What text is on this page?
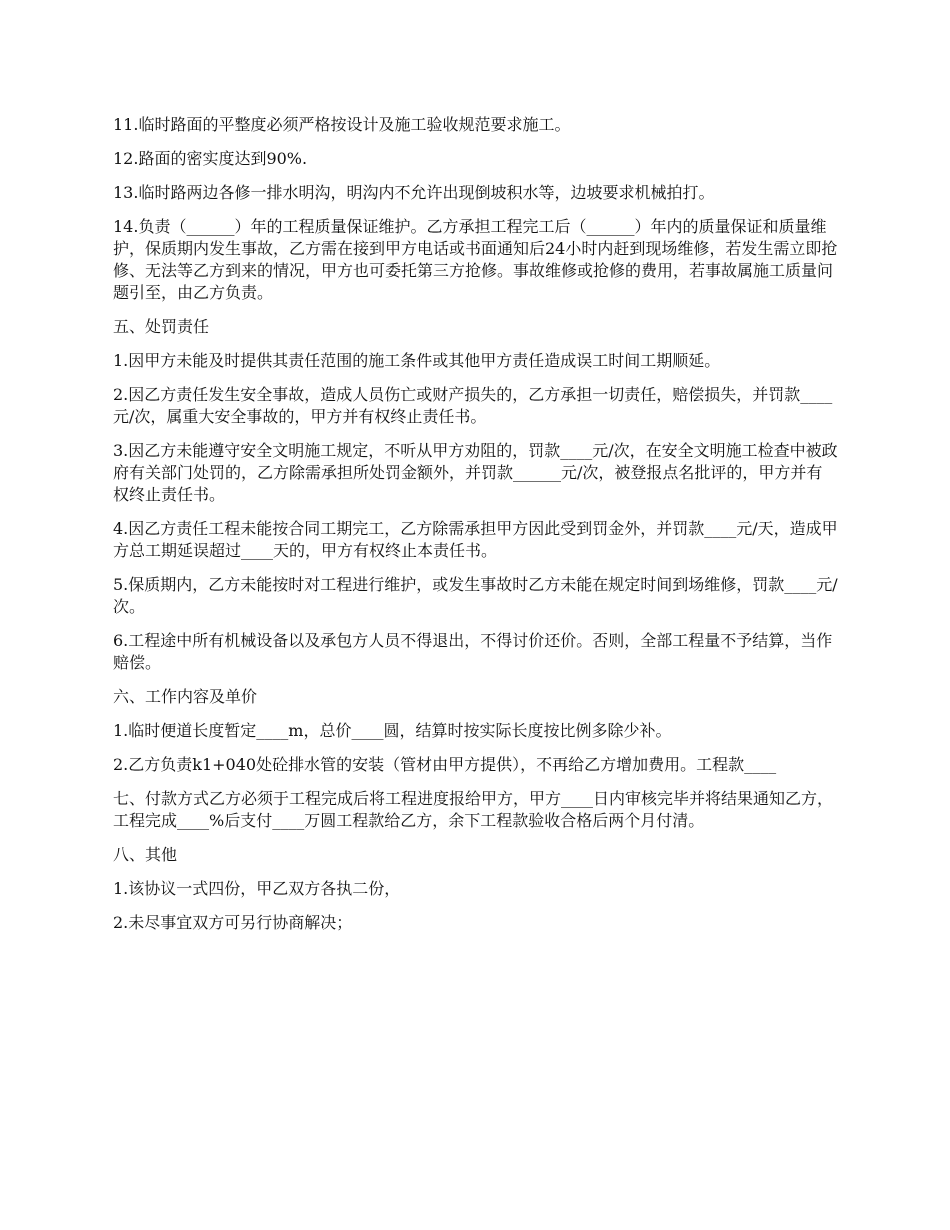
11.临时路面的平整度必须严格按设计及施工验收规范要求施工。

12.路面的密实度达到90%.

13.临时路两边各修一排水明沟，明沟内不允许出现倒坡积水等，边坡要求机械拍打。

14.负责（______）年的工程质量保证维护。乙方承担工程完工后（______）年内的质量保证和质量维护，保质期内发生事故，乙方需在接到甲方电话或书面通知后24小时内赶到现场维修，若发生需立即抢修、无法等乙方到来的情况，甲方也可委托第三方抢修。事故维修或抢修的费用，若事故属施工质量问题引至，由乙方负责。

五、处罚责任

1.因甲方未能及时提供其责任范围的施工条件或其他甲方责任造成误工时间工期顺延。

2.因乙方责任发生安全事故，造成人员伤亡或财产损失的，乙方承担一切责任，赔偿损失，并罚款____元/次，属重大安全事故的，甲方并有权终止责任书。

3.因乙方未能遵守安全文明施工规定，不听从甲方劝阻的，罚款____元/次，在安全文明施工检查中被政府有关部门处罚的，乙方除需承担所处罚金额外，并罚款______元/次，被登报点名批评的，甲方并有权终止责任书。

4.因乙方责任工程未能按合同工期完工，乙方除需承担甲方因此受到罚金外，并罚款____元/天，造成甲方总工期延误超过____天的，甲方有权终止本责任书。

5.保质期内，乙方未能按时对工程进行维护，或发生事故时乙方未能在规定时间到场维修，罚款____元/次。

6.工程途中所有机械设备以及承包方人员不得退出，不得讨价还价。否则，全部工程量不予结算，当作赔偿。

六、工作内容及单价

1.临时便道长度暂定____m，总价____圆，结算时按实际长度按比例多除少补。

2.乙方负责k1+040处砼排水管的安装（管材由甲方提供），不再给乙方增加费用。工程款____

七、付款方式乙方必须于工程完成后将工程进度报给甲方，甲方____日内审核完毕并将结果通知乙方，工程完成____%后支付____万圆工程款给乙方，余下工程款验收合格后两个月付清。

八、其他

1.该协议一式四份，甲乙双方各执二份，

2.未尽事宜双方可另行协商解决；
